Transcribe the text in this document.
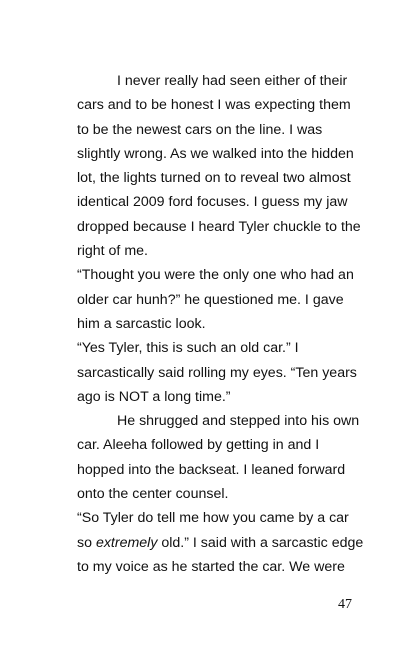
I never really had seen either of their
cars and to be honest I was expecting them
to be the newest cars on the line. I was
slightly wrong. As we walked into the hidden
lot, the lights turned on to reveal two almost
identical 2009 ford focuses. I guess my jaw
dropped because I heard Tyler chuckle to the
right of me.
“Thought you were the only one who had an
older car hunh?” he questioned me. I gave
him a sarcastic look.
“Yes Tyler, this is such an old car.” I
sarcastically said rolling my eyes. “Ten years
ago is NOT a long time.”
He shrugged and stepped into his own
car. Aleeha followed by getting in and I
hopped into the backseat. I leaned forward
onto the center counsel.
“So Tyler do tell me how you came by a car
so extremely old.” I said with a sarcastic edge
to my voice as he started the car. We were
47
